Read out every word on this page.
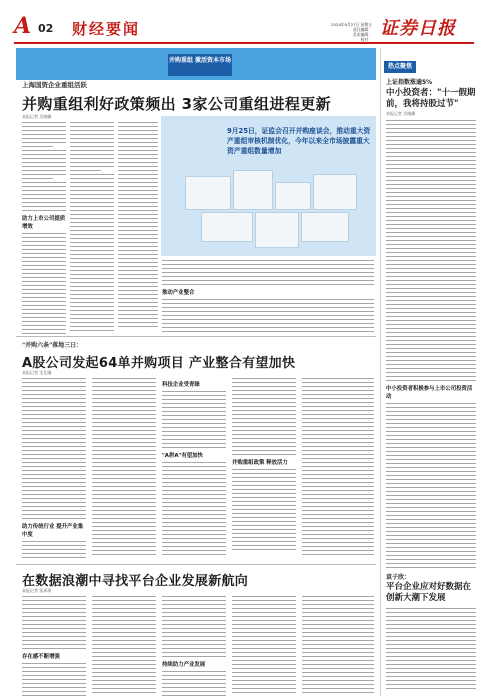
A 02 财经要闻	2024年9月27日 星期五
责任编辑：
美术编辑：
校对：
证券日报
并购重组 激活资本市场
上海国资企业重组活跃
并购重组利好政策频出 3家公司重组进程更新
9月25日，证监会召开并购座谈会，推动重大资产重组审核机制优化，今年以来全市场披露重大资产重组数量增加
本报记者 吴晓璐
助力上市公司提质增效
推动产业整合
"并购六条"落地三日：
A股公司发起64单并购项目 产业整合有望加快
本报记者 毛艺融
助力传统行业 提升产业集中度
科技企业受青睐
"A拼A"有望加快
并购重组政策 释放活力
在数据浪潮中寻找平台企业发展新航向
本报记者 张琼琼
存在感不断增强
持续助力产业发展
热点聚焦
上证指数涨逾5%
中小投资者："十一假期前，我将持股过节"
本报记者 吴晓璐
中小投资者积极参与上市公司投资活动
袁子欣：
平台企业应对好数据在创新大潮下发展
